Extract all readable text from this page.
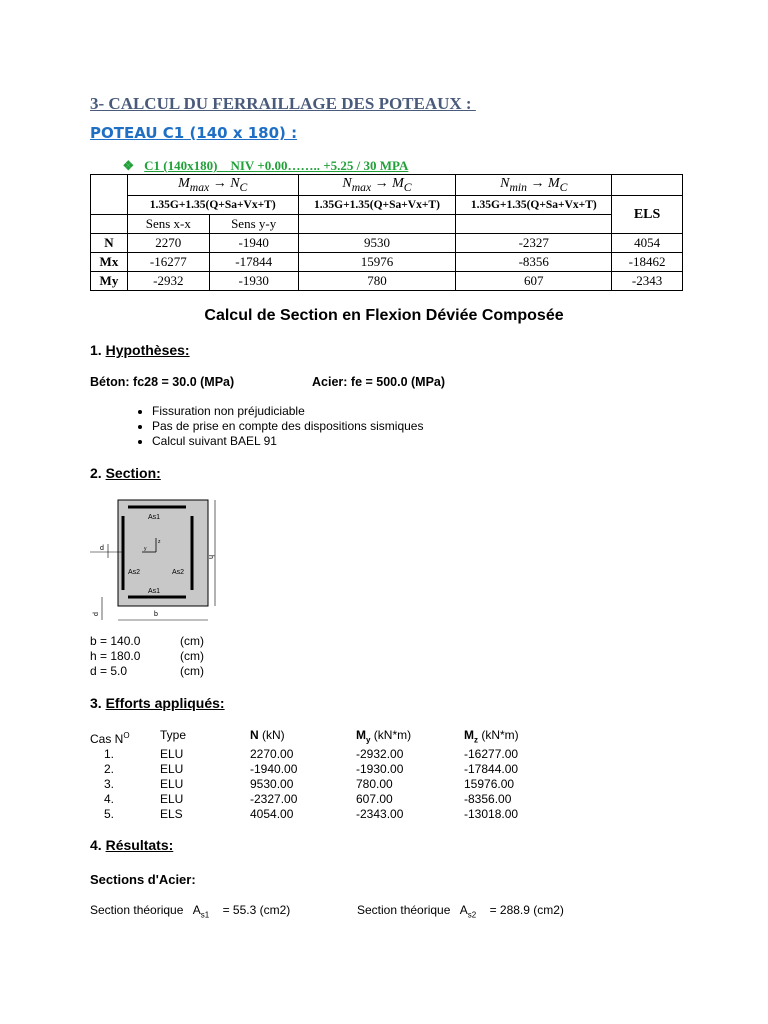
3- CALCUL DU FERRAILLAGE DES POTEAUX :
POTEAU C1 (140 x 180) :

❖ C1 (140x180)    NIV +0.00…….. +5.25 / 30 MPA

	$M_{max} \to N_C$		$N_{max} \to M_C$	$N_{min} \to M_C$	
	1.35G+1.35(Q+Sa+Vx+T)		1.35G+1.35(Q+Sa+Vx+T)	1.35G+1.35(Q+Sa+Vx+T)	ELS
	Sens x-x	Sens y-y			
N	2270	-1940	9530	-2327	4054
Mx	-16277	-17844	15976	-8356	-18462
My	-2932	-1930	780	607	-2343
Calcul de Section en Flexion Déviée Composée
1. Hypothèses:
Béton: fc28 = 30.0 (MPa)	Acier: fe = 500.0 (MPa)
• Fissuration non préjudiciable
• Pas de prise en compte des dispositions sismiques
• Calcul suivant BAEL 91
2. Section:
As1
As1
As2	As2
z
y
d
d	b
h
b = 140.0	(cm)
h = 180.0	(cm)
d = 5.0	(cm)
3. Efforts appliqués:
Cas $N^O$	Type	N (kN)	$M_y$ (kN*m)	$M_z$ (kN*m)
1.	ELU	2270.00	-2932.00	-16277.00
2.	ELU	-1940.00	-1930.00	-17844.00
3.	ELU	9530.00	780.00	15976.00
4.	ELU	-2327.00	607.00	-8356.00
5.	ELS	4054.00	-2343.00	-13018.00
4. Résultats:
Sections d'Acier:
Section théorique $A_{s1} = 55.3$ (cm2)	Section théorique $A_{s2} = 288.9$ (cm2)
